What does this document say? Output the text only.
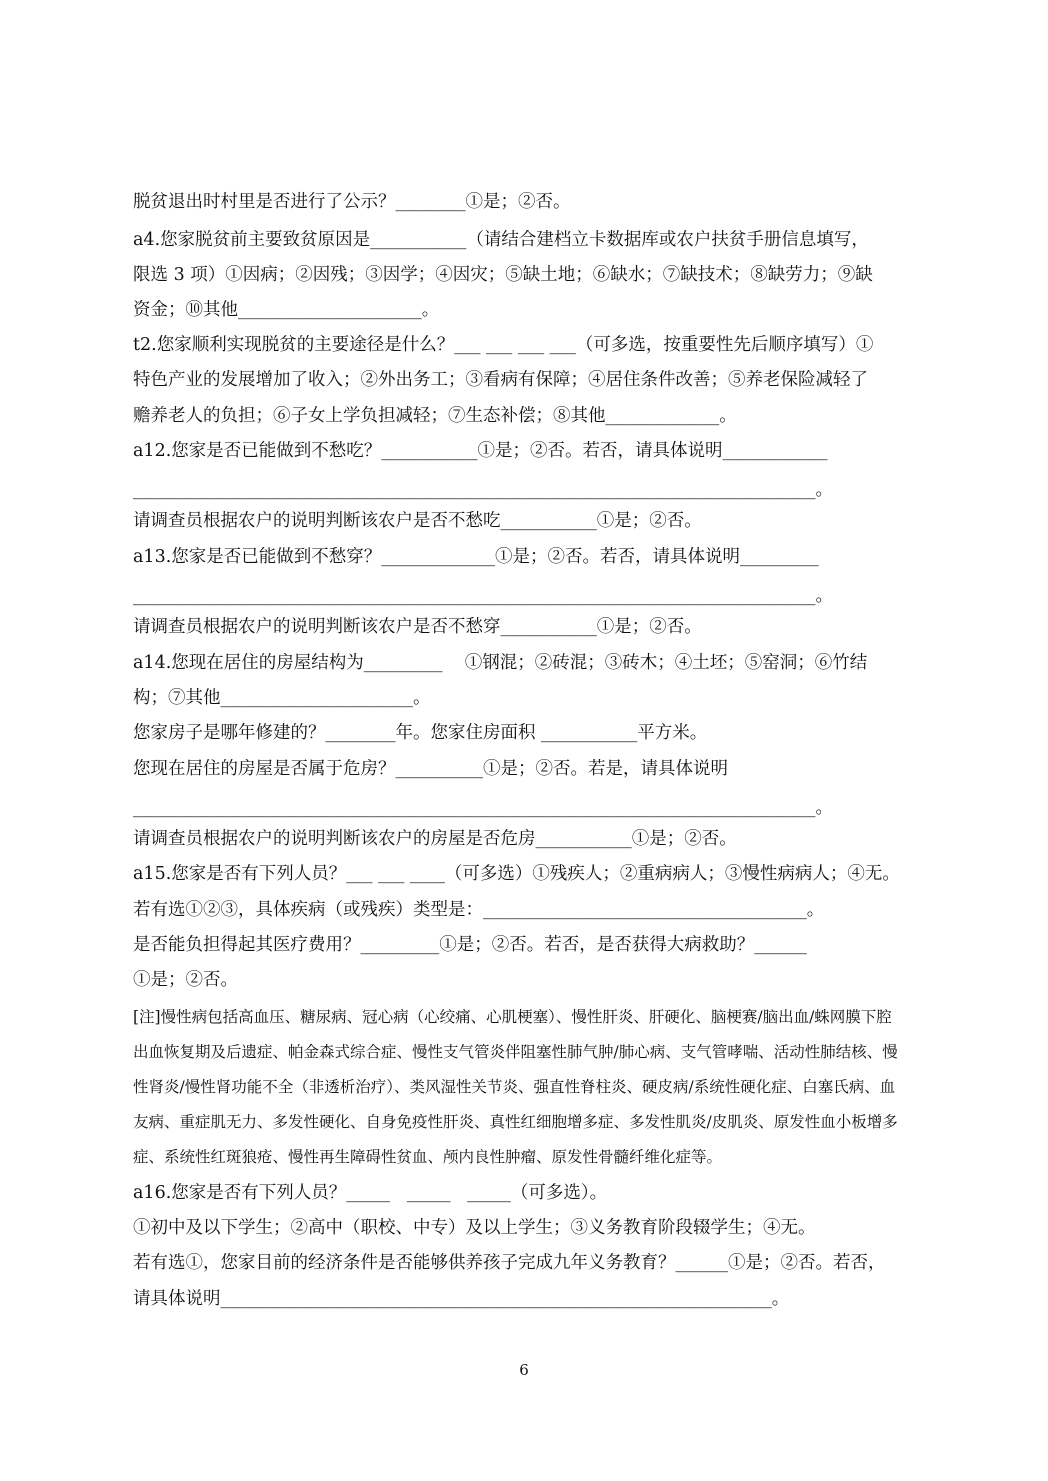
脱贫退出时村里是否进行了公示？________①是；②否。
a4.您家脱贫前主要致贫原因是___________（请结合建档立卡数据库或农户扶贫手册信息填写，
限选 3 项）①因病；②因残；③因学；④因灾；⑤缺土地；⑥缺水；⑦缺技术；⑧缺劳力；⑨缺
资金；⑩其他_____________________。
t2.您家顺利实现脱贫的主要途径是什么？___ ___ ___ ___（可多选，按重要性先后顺序填写）①
特色产业的发展增加了收入；②外出务工；③看病有保障；④居住条件改善；⑤养老保险减轻了
赡养老人的负担；⑥子女上学负担减轻；⑦生态补偿；⑧其他_____________。
a12.您家是否已能做到不愁吃？___________①是；②否。若否，请具体说明____________
______________________________________________________________________________。
请调查员根据农户的说明判断该农户是否不愁吃___________①是；②否。
a13.您家是否已能做到不愁穿？_____________①是；②否。若否，请具体说明_________
______________________________________________________________________________。
请调查员根据农户的说明判断该农户是否不愁穿___________①是；②否。
a14.您现在居住的房屋结构为_________    ①钢混；②砖混；③砖木；④土坯；⑤窑洞；⑥竹结
构；⑦其他______________________。
您家房子是哪年修建的？________年。您家住房面积 ___________平方米。
您现在居住的房屋是否属于危房？__________①是；②否。若是，请具体说明
______________________________________________________________________________。
请调查员根据农户的说明判断该农户的房屋是否危房___________①是；②否。
a15.您家是否有下列人员？___ ___ ____（可多选）①残疾人；②重病病人；③慢性病病人；④无。
若有选①②③，具体疾病（或残疾）类型是：_____________________________________。
是否能负担得起其医疗费用？_________①是；②否。若否，是否获得大病救助？______
①是；②否。
[注]慢性病包括高血压、糖尿病、冠心病（心绞痛、心肌梗塞）、慢性肝炎、肝硬化、脑梗赛/脑出血/蛛网膜下腔
出血恢复期及后遗症、帕金森式综合症、慢性支气管炎伴阻塞性肺气肿/肺心病、支气管哮喘、活动性肺结核、慢
性肾炎/慢性肾功能不全（非透析治疗）、类风湿性关节炎、强直性脊柱炎、硬皮病/系统性硬化症、白塞氏病、血
友病、重症肌无力、多发性硬化、自身免疫性肝炎、真性红细胞增多症、多发性肌炎/皮肌炎、原发性血小板增多
症、系统性红斑狼疮、慢性再生障碍性贫血、颅内良性肿瘤、原发性骨髓纤维化症等。
a16.您家是否有下列人员？_____   _____   _____（可多选）。
①初中及以下学生；②高中（职校、中专）及以上学生；③义务教育阶段辍学生；④无。
若有选①，您家目前的经济条件是否能够供养孩子完成九年义务教育？______①是；②否。若否，
请具体说明_______________________________________________________________。
6
